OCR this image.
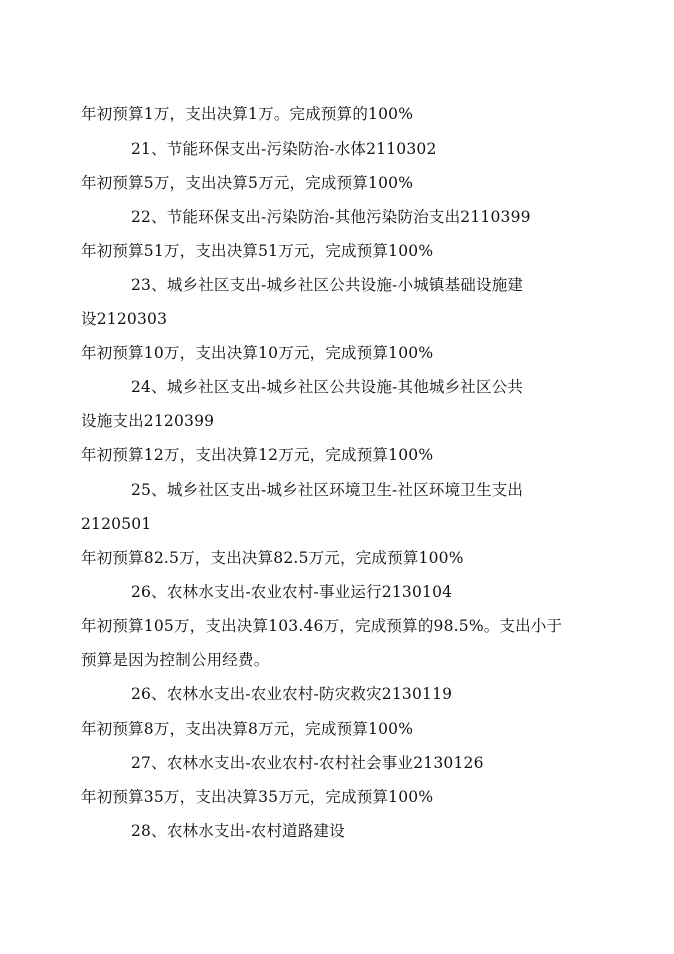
年初预算1万，支出决算1万。完成预算的100%
21、节能环保支出-污染防治-水体2110302
年初预算5万，支出决算5万元，完成预算100%
22、节能环保支出-污染防治-其他污染防治支出2110399
年初预算51万，支出决算51万元，完成预算100%
23、城乡社区支出-城乡社区公共设施-小城镇基础设施建
设2120303
年初预算10万，支出决算10万元，完成预算100%
24、城乡社区支出-城乡社区公共设施-其他城乡社区公共
设施支出2120399
年初预算12万，支出决算12万元，完成预算100%
25、城乡社区支出-城乡社区环境卫生-社区环境卫生支出
2120501
年初预算82.5万，支出决算82.5万元，完成预算100%
26、农林水支出-农业农村-事业运行2130104
年初预算105万，支出决算103.46万，完成预算的98.5%。支出小于
预算是因为控制公用经费。
26、农林水支出-农业农村-防灾救灾2130119
年初预算8万，支出决算8万元，完成预算100%
27、农林水支出-农业农村-农村社会事业2130126
年初预算35万，支出决算35万元，完成预算100%
28、农林水支出-农村道路建设
